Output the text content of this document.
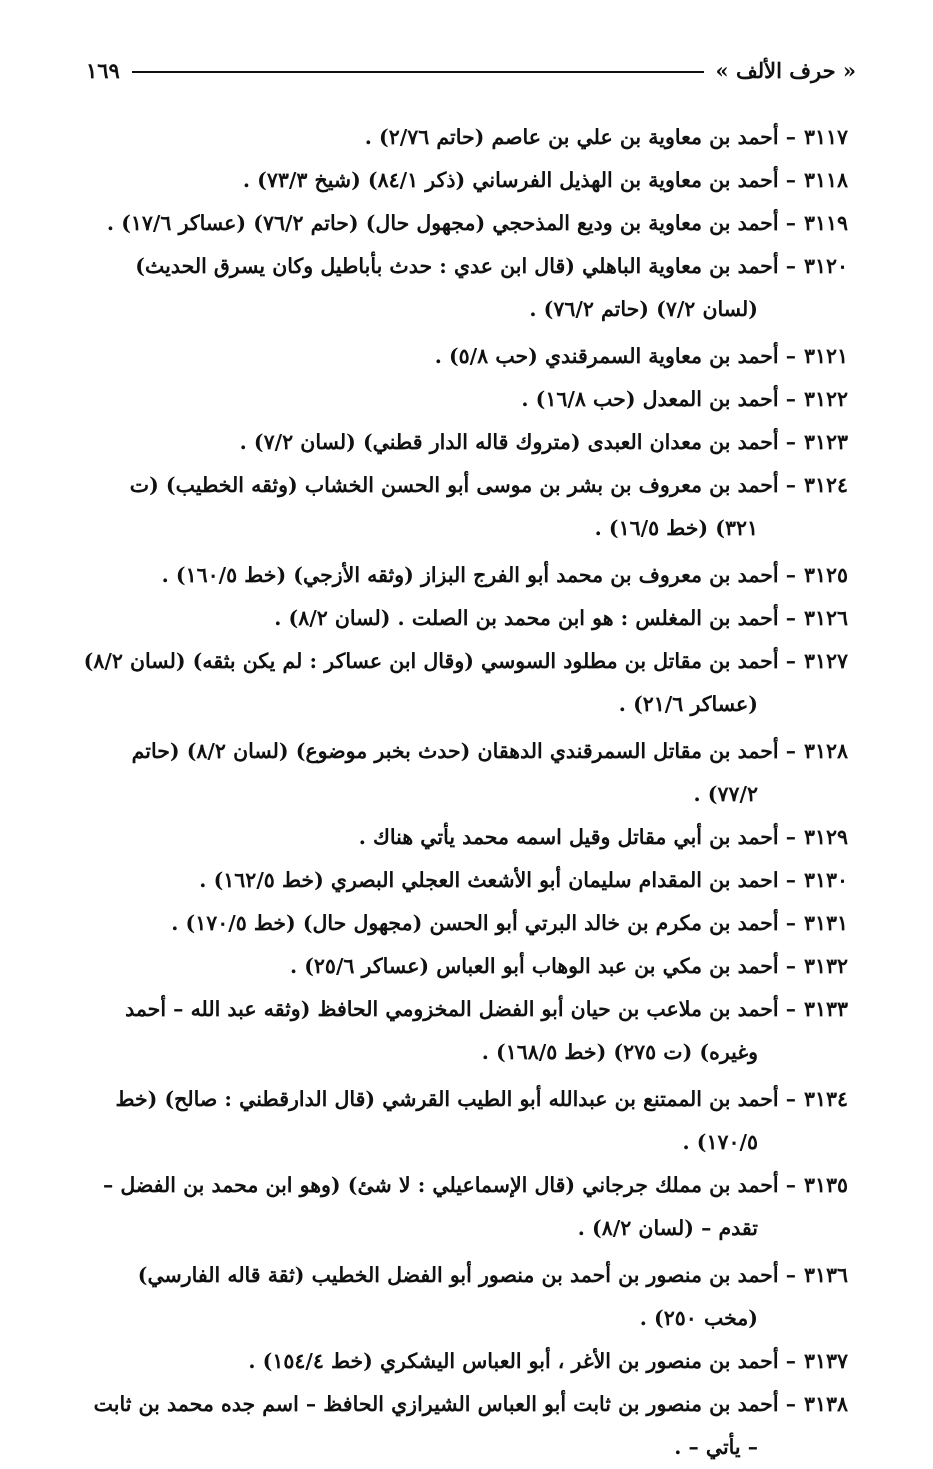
« حرف الألف »
١٦٩
٣١١٧– أحمد بن معاوية بن علي بن عاصم (حاتم ٢/٧٦) .
٣١١٨– أحمد بن معاوية بن الهذيل الفرساني (ذكر ٨٤/١) (شيخ ٧٣/٣) .
٣١١٩– أحمد بن معاوية بن وديع المذحجي (مجهول حال) (حاتم ٧٦/٢) (عساكر ١٧/٦) .
٣١٢٠– أحمد بن معاوية الباهلي (قال ابن عدي : حدث بأباطيل وكان يسرق الحديث) (لسان ٧/٢) (حاتم ٧٦/٢) .
٣١٢١– أحمد بن معاوية السمرقندي (حب ٥/٨) .
٣١٢٢– أحمد بن المعدل (حب ١٦/٨) .
٣١٢٣– أحمد بن معدان العبدى (متروك قاله الدار قطني) (لسان ٧/٢) .
٣١٢٤– أحمد بن معروف بن بشر بن موسى أبو الحسن الخشاب (وثقه الخطيب) (ت ٣٢١) (خط ١٦/٥) .
٣١٢٥– أحمد بن معروف بن محمد أبو الفرج البزاز (وثقه الأزجي) (خط ١٦٠/٥) .
٣١٢٦– أحمد بن المغلس : هو ابن محمد بن الصلت . (لسان ٨/٢) .
٣١٢٧– أحمد بن مقاتل بن مطلود السوسي (وقال ابن عساكر : لم يكن بثقه) (لسان ٨/٢) (عساكر ٢١/٦) .
٣١٢٨– أحمد بن مقاتل السمرقندي الدهقان (حدث بخبر موضوع) (لسان ٨/٢) (حاتم ٧٧/٢) .
٣١٢٩– أحمد بن أبي مقاتل وقيل اسمه محمد يأتي هناك .
٣١٣٠– احمد بن المقدام سليمان أبو الأشعث العجلي البصري (خط ١٦٢/٥) .
٣١٣١– أحمد بن مكرم بن خالد البرتي أبو الحسن (مجهول حال) (خط ١٧٠/٥) .
٣١٣٢– أحمد بن مكي بن عبد الوهاب أبو العباس (عساكر ٢٥/٦) .
٣١٣٣– أحمد بن ملاعب بن حيان أبو الفضل المخزومي الحافظ (وثقه عبد الله – أحمد وغيره) (ت ٢٧٥) (خط ١٦٨/٥) .
٣١٣٤– أحمد بن الممتنع بن عبدالله أبو الطيب القرشي (قال الدارقطني : صالح) (خط ١٧٠/٥) .
٣١٣٥– أحمد بن مملك جرجاني (قال الإسماعيلي : لا شئ) (وهو ابن محمد بن الفضل – تقدم – (لسان ٨/٢) .
٣١٣٦– أحمد بن منصور بن أحمد بن منصور أبو الفضل الخطيب (ثقة قاله الفارسي) (مخب ٢٥٠) .
٣١٣٧– أحمد بن منصور بن الأغر ، أبو العباس اليشكري (خط ١٥٤/٤) .
٣١٣٨– أحمد بن منصور بن ثابت أبو العباس الشيرازي الحافظ – اسم جده محمد بن ثابت – يأتي – .
